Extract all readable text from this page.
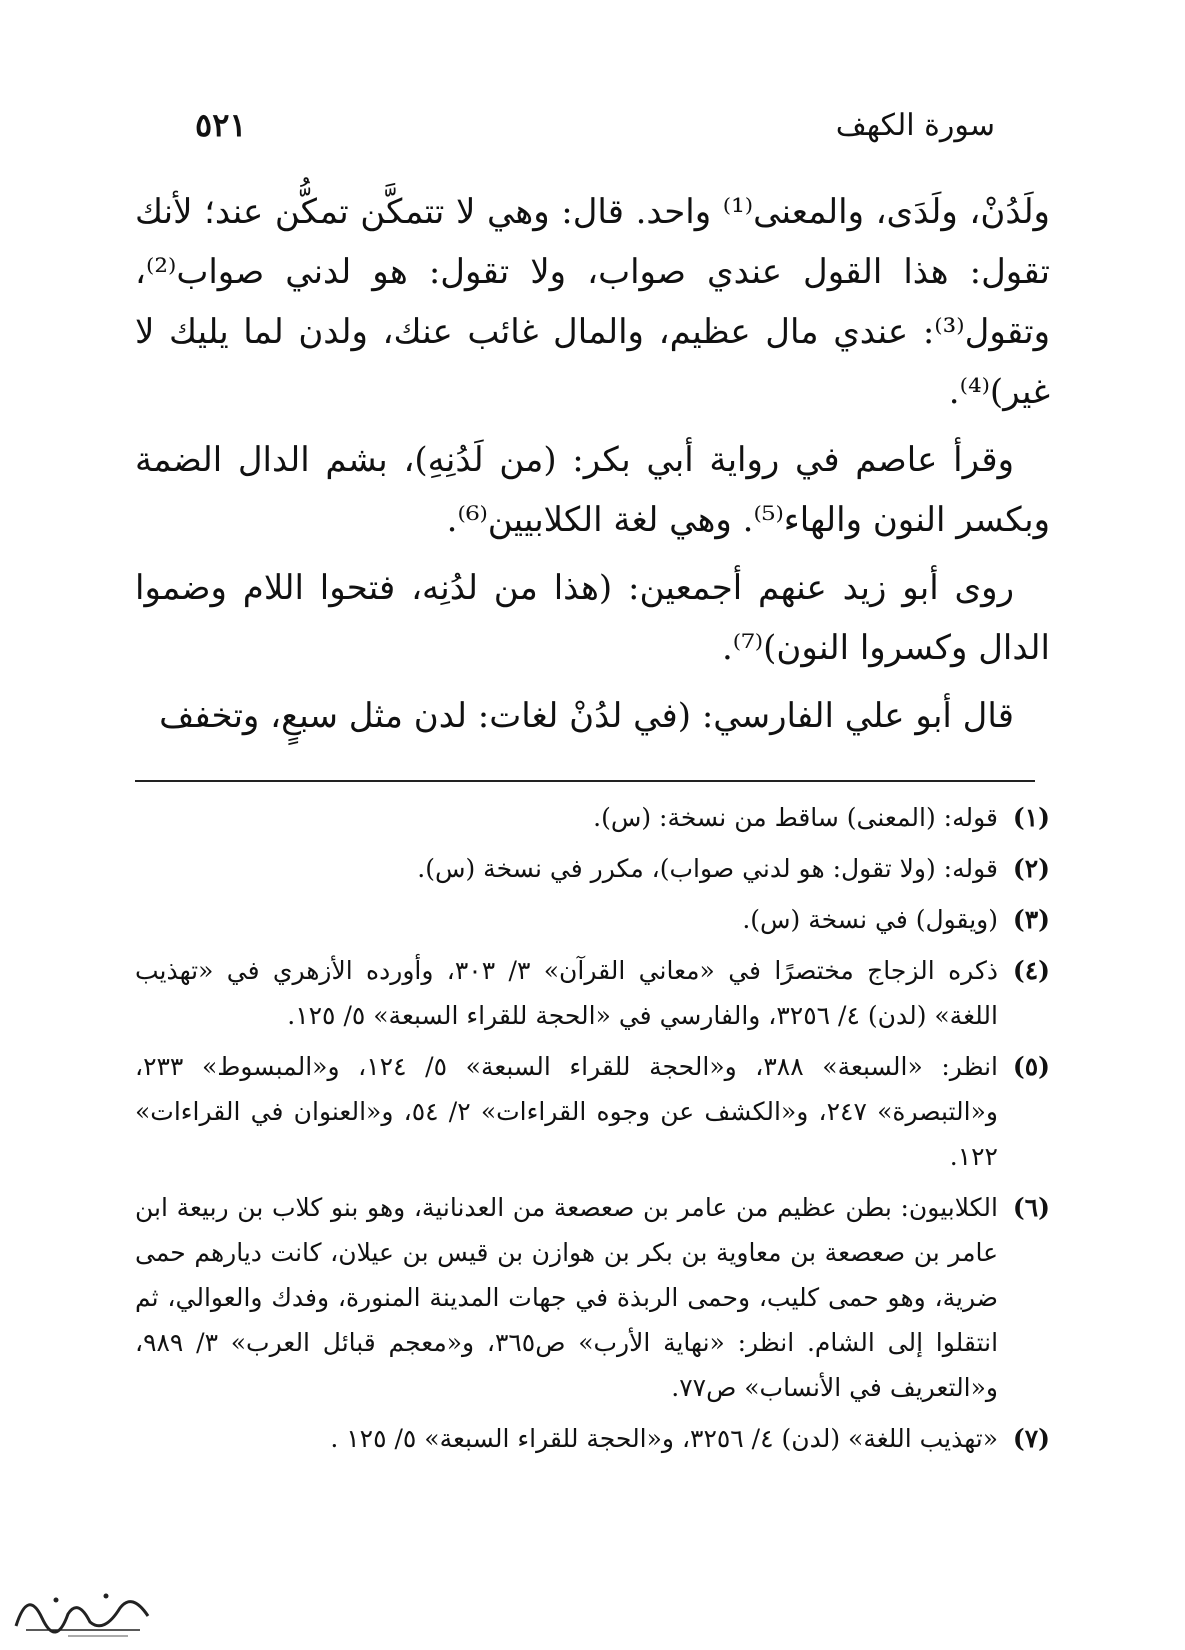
سورة الكهف
٥٢١

ولَدُنْ، ولَدَى، والمعنى⁽¹⁾ واحد. قال: وهي لا تتمكَّن تمكُّن عند؛ لأنك تقول: هذا القول عندي صواب، ولا تقول: هو لدني صواب⁽²⁾، وتقول⁽³⁾: عندي مال عظيم، والمال غائب عنك، ولدن لما يليك لا غير)⁽⁴⁾.

وقرأ عاصم في رواية أبي بكر: (من لَدُنِهِ)، بشم الدال الضمة وبكسر النون والهاء⁽⁵⁾. وهي لغة الكلابيين⁽⁶⁾.

روى أبو زيد عنهم أجمعين: (هذا من لدُنِه، فتحوا اللام وضموا الدال وكسروا النون)⁽⁷⁾.

قال أبو علي الفارسي: (في لدُنْ لغات: لدن مثل سبعٍ، وتخفف

(١)
قوله: (المعنى) ساقط من نسخة: (س).
(٢)
قوله: (ولا تقول: هو لدني صواب)، مكرر في نسخة (س).
(٣)
(ويقول) في نسخة (س).
(٤)
ذكره الزجاج مختصرًا في «معاني القرآن» ٣/ ٣٠٣، وأورده الأزهري في «تهذيب اللغة» (لدن) ٤/ ٣٢٥٦، والفارسي في «الحجة للقراء السبعة» ٥/ ١٢٥.
(٥)
انظر: «السبعة» ٣٨٨، و«الحجة للقراء السبعة» ٥/ ١٢٤، و«المبسوط» ٢٣٣، و«التبصرة» ٢٤٧، و«الكشف عن وجوه القراءات» ٢/ ٥٤، و«العنوان في القراءات» ١٢٢.
(٦)
الكلابيون: بطن عظيم من عامر بن صعصعة من العدنانية، وهو بنو كلاب بن ربيعة ابن عامر بن صعصعة بن معاوية بن بكر بن هوازن بن قيس بن عيلان، كانت ديارهم حمى ضرية، وهو حمى كليب، وحمى الربذة في جهات المدينة المنورة، وفدك والعوالي، ثم انتقلوا إلى الشام. انظر: «نهاية الأرب» ص٣٦٥، و«معجم قبائل العرب» ٣/ ٩٨٩، و«التعريف في الأنساب» ص٧٧.
(٧)
«تهذيب اللغة» (لدن) ٤/ ٣٢٥٦، و«الحجة للقراء السبعة» ٥/ ١٢٥ .
